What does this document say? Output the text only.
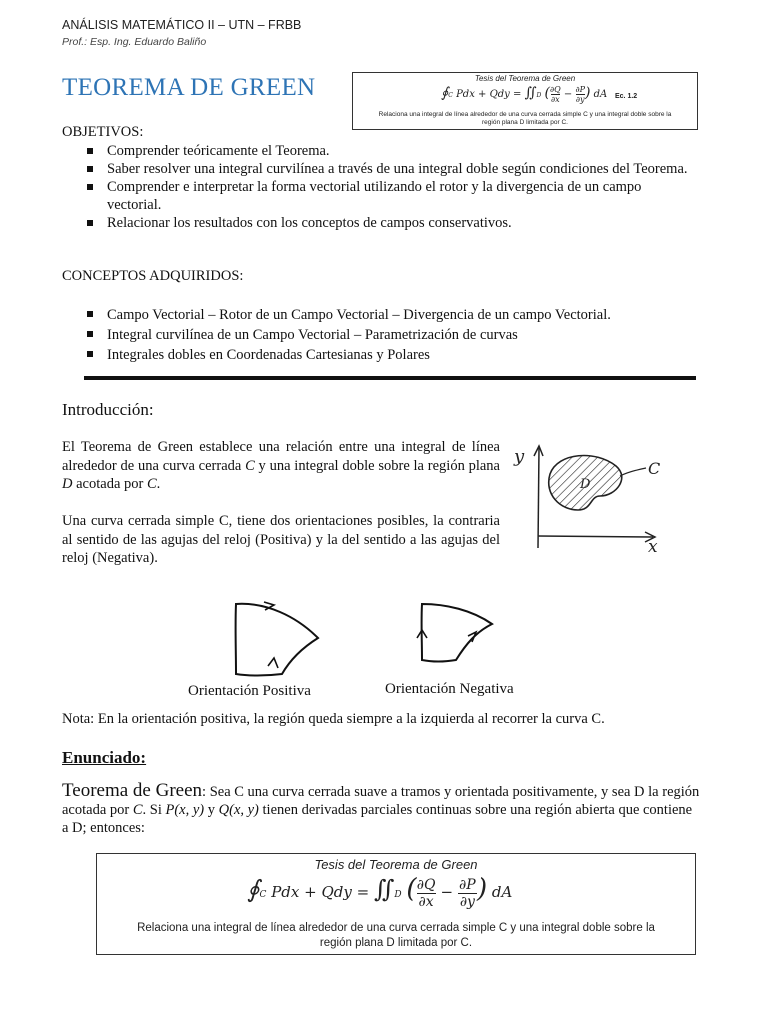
ANÁLISIS MATEMÁTICO II – UTN – FRBB
Prof.: Esp. Ing. Eduardo Baliño
TEOREMA DE GREEN	Tesis del Teorema de Green
∮C Pdx + Qdy = ∬D $(\frac{\partial Q}{\partial x} - \frac{\partial P}{\partial y})$ dA Ec. 1.2
Relaciona una integral de línea alrededor de una curva cerrada simple C y una integral doble sobre la
región plana D limitada por C.
OBJETIVOS:
Comprender teóricamente el Teorema.
Saber resolver una integral curvilínea a través de una integral doble según condiciones del Teorema.
Comprender e interpretar la forma vectorial utilizando el rotor y la divergencia de un campo vectorial.
Relacionar los resultados con los conceptos de campos conservativos.
CONCEPTOS ADQUIRIDOS:
Campo Vectorial – Rotor de un Campo Vectorial – Divergencia de un campo Vectorial.
Integral curvilínea de un Campo Vectorial – Parametrización de curvas
Integrales dobles en Coordenadas Cartesianas y Polares
Introducción:
El Teorema de Green establece una relación entre una integral de línea alrededor de una curva cerrada C y una integral doble sobre la región plana D acotada por C.
Una curva cerrada simple C, tiene dos orientaciones posibles, la contraria al sentido de las agujas del reloj (Positiva) y la del sentido a las agujas del reloj (Negativa).
y
x
C
D
Orientación Positiva	Orientación Negativa
Nota: En la orientación positiva, la región queda siempre a la izquierda al recorrer la curva C.
Enunciado:
Teorema de Green: Sea C una curva cerrada suave a tramos y orientada positivamente, y sea D la región acotada por C. Si P(x, y) y Q(x, y) tienen derivadas parciales continuas sobre una región abierta que contiene a D; entonces:
Tesis del Teorema de Green
∮C Pdx + Qdy = ∬D $(\frac{\partial Q}{\partial x} - \frac{\partial P}{\partial y})$ dA
Relaciona una integral de línea alrededor de una curva cerrada simple C y una integral doble sobre la
región plana D limitada por C.
